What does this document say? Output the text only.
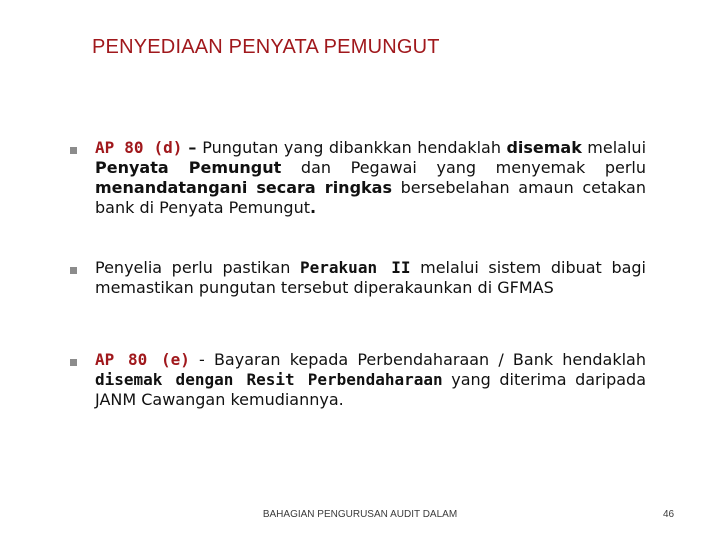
PENYEDIAAN PENYATA PEMUNGUT
AP 80 (d) – Pungutan yang dibankkan hendaklah disemak melalui Penyata Pemungut dan Pegawai yang menyemak perlu menandatangani secara ringkas bersebelahan amaun cetakan bank di Penyata Pemungut.
Penyelia perlu pastikan Perakuan II melalui sistem dibuat bagi memastikan pungutan tersebut diperakaunkan di GFMAS
AP 80 (e) - Bayaran kepada Perbendaharaan / Bank hendaklah disemak dengan Resit Perbendaharaan yang diterima daripada JANM Cawangan kemudiannya.
BAHAGIAN PENGURUSAN AUDIT DALAM	46
